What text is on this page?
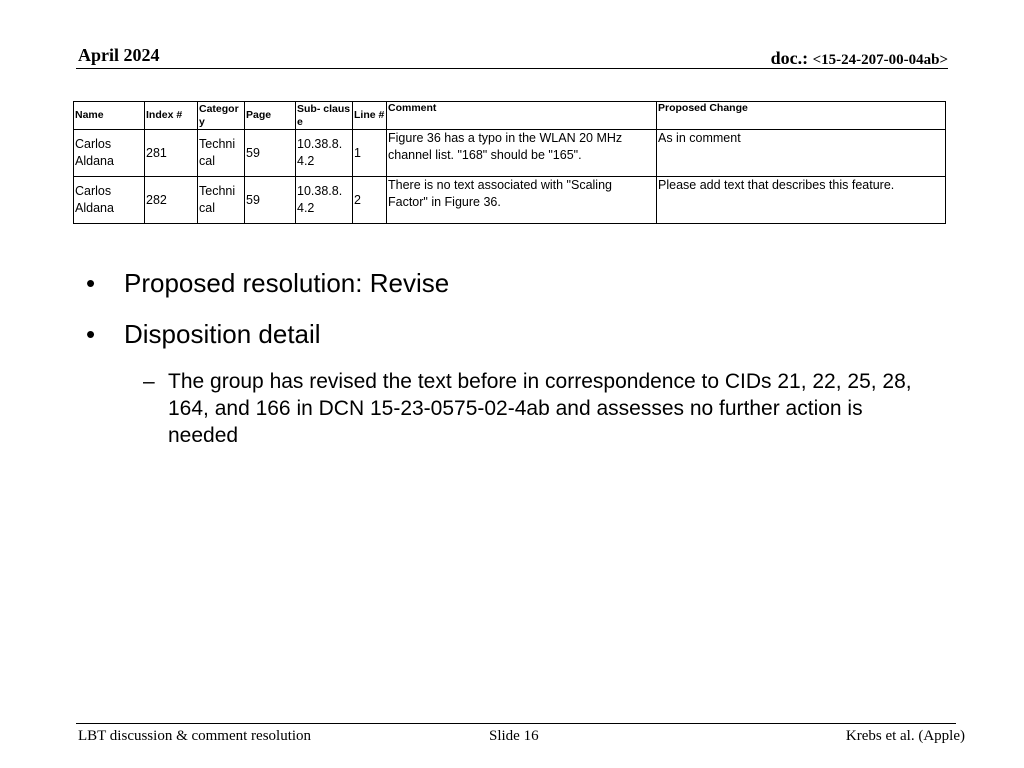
April 2024	doc.: <15-24-207-00-04ab>
Name	Index #	Categor y	Page	Sub- clause	Line #	Comment	Proposed Change
Carlos Aldana	281	Techni cal	59	10.38.8. 4.2	1	Figure 36 has a typo in the WLAN 20 MHz channel list. "168" should be "165".	As in comment
Carlos Aldana	282	Techni cal	59	10.38.8. 4.2	2	There is no text associated with "Scaling Factor" in Figure 36.	Please add text that describes this feature.
• Proposed resolution: Revise
• Disposition detail
– The group has revised the text before in correspondence to CIDs 21, 22, 25, 28, 164, and 166 in DCN 15-23-0575-02-4ab and assesses no further action is needed
LBT discussion & comment resolution	Slide 16	Krebs et al. (Apple)
